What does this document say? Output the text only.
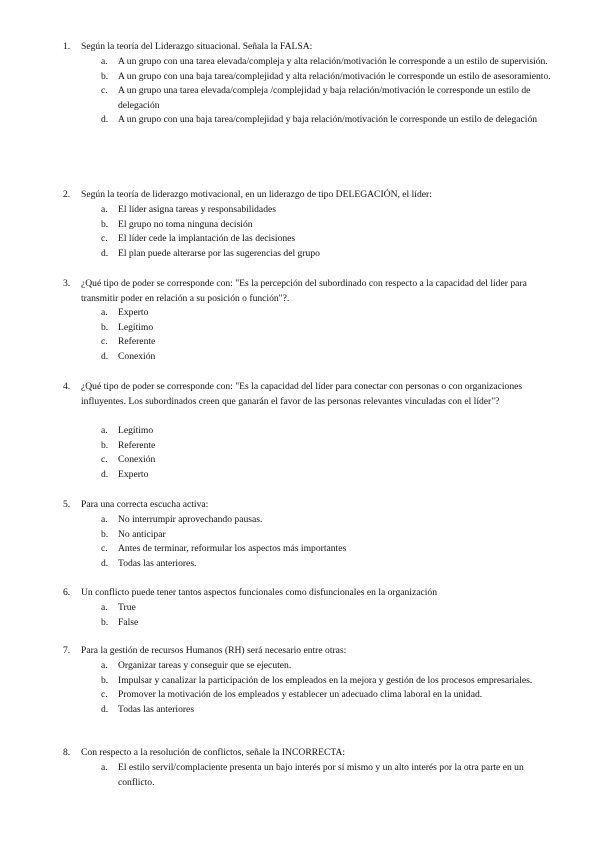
1. Según la teoría del Liderazgo situacional. Señala la FALSA:
a. A un grupo con una tarea elevada/compleja y alta relación/motivación le corresponde a un estilo de supervisión.
b. A un grupo con una baja tarea/complejidad y alta relación/motivación le corresponde un estilo de asesoramiento.
c. A un grupo una tarea elevada/compleja /complejidad y baja relación/motivación le corresponde un estilo de delegación
d. A un grupo con una baja tarea/complejidad y baja relación/motivación le corresponde un estilo de delegación
2. Según la teoría de liderazgo motivacional, en un liderazgo de tipo DELEGACIÓN, el líder:
a. El líder asigna tareas y responsabilidades
b. El grupo no toma ninguna decisión
c. El líder cede la implantación de las decisiones
d. El plan puede alterarse por las sugerencias del grupo
3. ¿Qué tipo de poder se corresponde con: "Es la percepción del subordinado con respecto a la capacidad del líder para transmitir poder en relación a su posición o función"?.
a. Experto
b. Legítimo
c. Referente
d. Conexión
4. ¿Qué tipo de poder se corresponde con: "Es la capacidad del líder para conectar con personas o con organizaciones influyentes. Los subordinados creen que ganarán el favor de las personas relevantes vinculadas con el líder"?
a. Legítimo
b. Referente
c. Conexión
d. Experto
5. Para una correcta escucha activa:
a. No interrumpir aprovechando pausas.
b. No anticipar
c. Antes de terminar, reformular los aspectos más importantes
d. Todas las anteriores.
6. Un conflicto puede tener tantos aspectos funcionales como disfuncionales en la organización
a. True
b. False
7. Para la gestión de recursos Humanos (RH) será necesario entre otras:
a. Organizar tareas y conseguir que se ejecuten.
b. Impulsar y canalizar la participación de los empleados en la mejora y gestión de los procesos empresariales.
c. Promover la motivación de los empleados y establecer un adecuado clima laboral en la unidad.
d. Todas las anteriores
8. Con respecto a la resolución de conflictos, señale la INCORRECTA:
a. El estilo servil/complaciente presenta un bajo interés por sí mismo y un alto interés por la otra parte en un conflicto.
